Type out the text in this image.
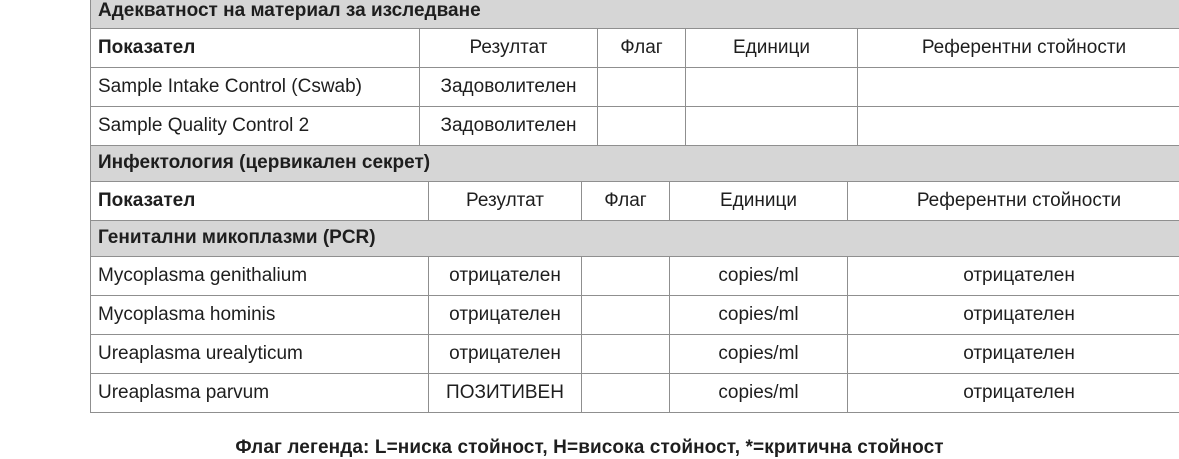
Адекватност на материал за изследване				
Показател	Резултат	Флаг	Единици	Референтни стойности
Sample Intake Control (Cswab)	Задоволителен			
Sample Quality Control 2	Задоволителен			
Инфектология (цервикален секрет)				
Показател	Резултат	Флаг	Единици	Референтни стойности
Генитални микоплазми (PCR)				
Mycoplasma genithalium	отрицателен		copies/ml	отрицателен
Mycoplasma hominis	отрицателен		copies/ml	отрицателен
Ureaplasma urealyticum	отрицателен		copies/ml	отрицателен
Ureaplasma parvum	ПОЗИТИВЕН		copies/ml	отрицателен
Флаг легенда: L=ниска стойност, H=висока стойност, *=критична стойност
